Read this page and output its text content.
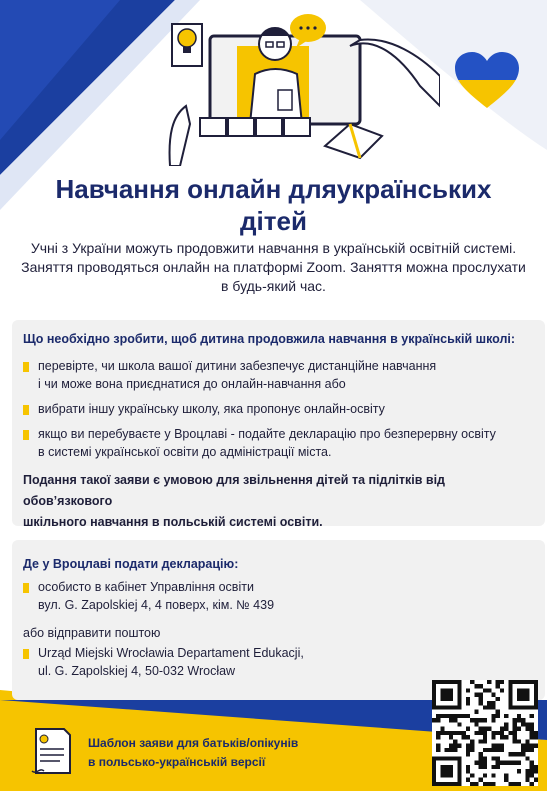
Навчання онлайн дляукраїнських
дітей
Учні з України можуть продовжити навчання в українській освітній системі.
Заняття проводяться онлайн на платформі Zoom. Заняття можна прослухати
в будь-який час.
Що необхідно зробити, щоб дитина продовжила навчання в українській школі:
перевірте, чи школа вашої дитини забезпечує дистанційне навчання
і чи може вона приєднатися до онлайн-навчання або
вибрати іншу українську школу, яка пропонує онлайн-освіту
якщо ви перебуваєте у Вроцлаві - подайте декларацію про безперервну освіту
в системі української освіти до адміністрації міста.
Подання такої заяви є умовою для звільнення дітей та підлітків від обов’язкового
шкільного навчання в польській системі освіти.
Де у Вроцлаві подати декларацію:
особисто в кабінет Управління освіти
вул. G. Zapolskiej 4, 4 поверх, кім. № 439
або відправити поштою
Urząd Miejski Wrocławia Departament Edukacji,
ul. G. Zapolskiej 4, 50-032 Wrocław
Шаблон заяви для батьків/опікунів
в польсько-українській версії
